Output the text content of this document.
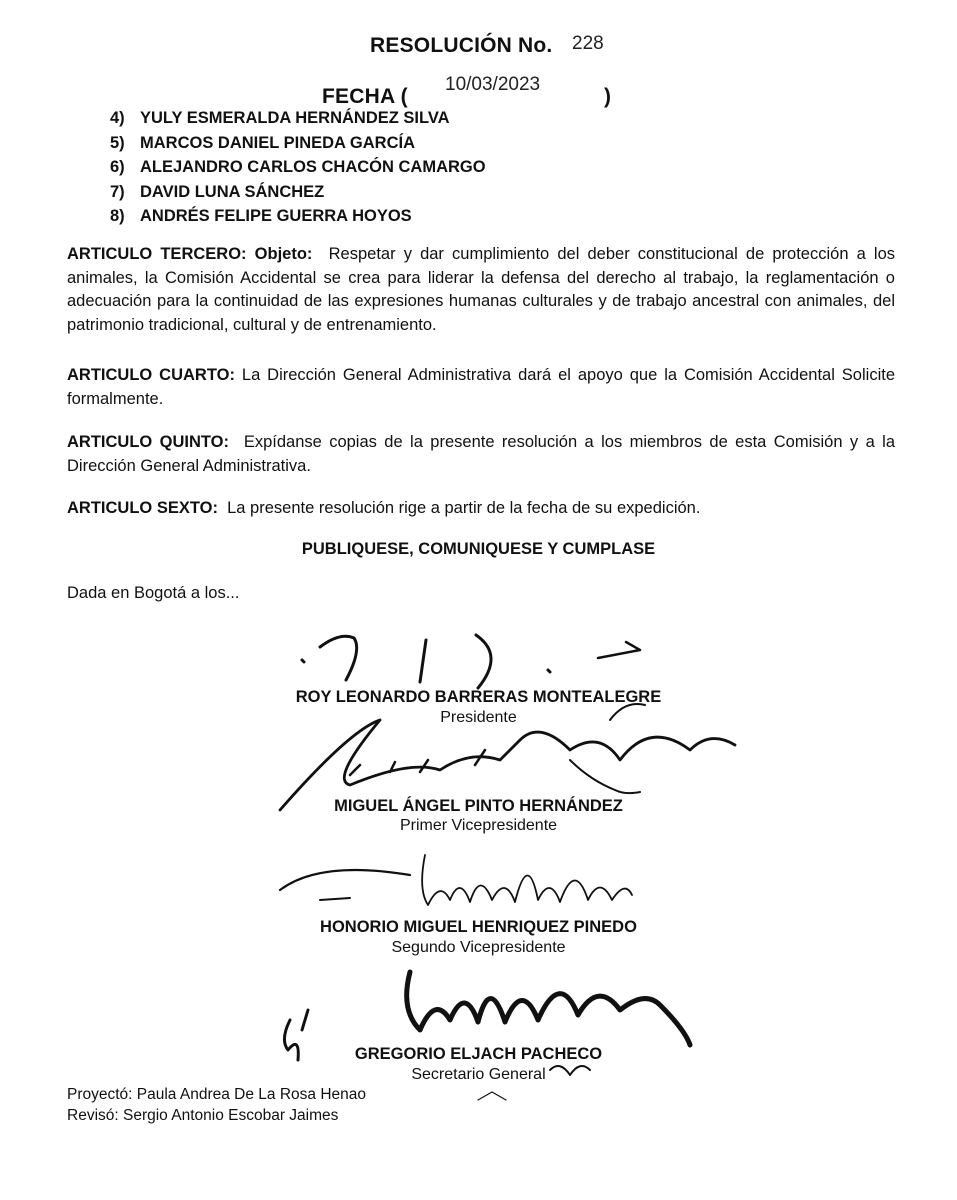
RESOLUCIÓN No. 228
FECHA (
10/03/2023
)
4) YULY ESMERALDA HERNÁNDEZ SILVA
5) MARCOS DANIEL PINEDA GARCÍA
6) ALEJANDRO CARLOS CHACÓN CAMARGO
7) DAVID LUNA SÁNCHEZ
8) ANDRÉS FELIPE GUERRA HOYOS

ARTICULO TERCERO: Objeto: Respetar y dar cumplimiento del deber constitucional de protección a los animales, la Comisión Accidental se crea para liderar la defensa del derecho al trabajo, la reglamentación o adecuación para la continuidad de las expresiones humanas culturales y de trabajo ancestral con animales, del patrimonio tradicional, cultural y de entrenamiento.

ARTICULO CUARTO: La Dirección General Administrativa dará el apoyo que la Comisión Accidental Solicite formalmente.

ARTICULO QUINTO: Expídanse copias de la presente resolución a los miembros de esta Comisión y a la Dirección General Administrativa.

ARTICULO SEXTO: La presente resolución rige a partir de la fecha de su expedición.

PUBLIQUESE, COMUNIQUESE Y CUMPLASE
Dada en Bogotá a los...
ROY LEONARDO BARRERAS MONTEALEGRE
Presidente
MIGUEL ÁNGEL PINTO HERNÁNDEZ
Primer Vicepresidente
HONORIO MIGUEL HENRIQUEZ PINEDO
Segundo Vicepresidente
GREGORIO ELJACH PACHECO
Secretario General
Proyectó: Paula Andrea De La Rosa Henao
Revisó: Sergio Antonio Escobar Jaimes
